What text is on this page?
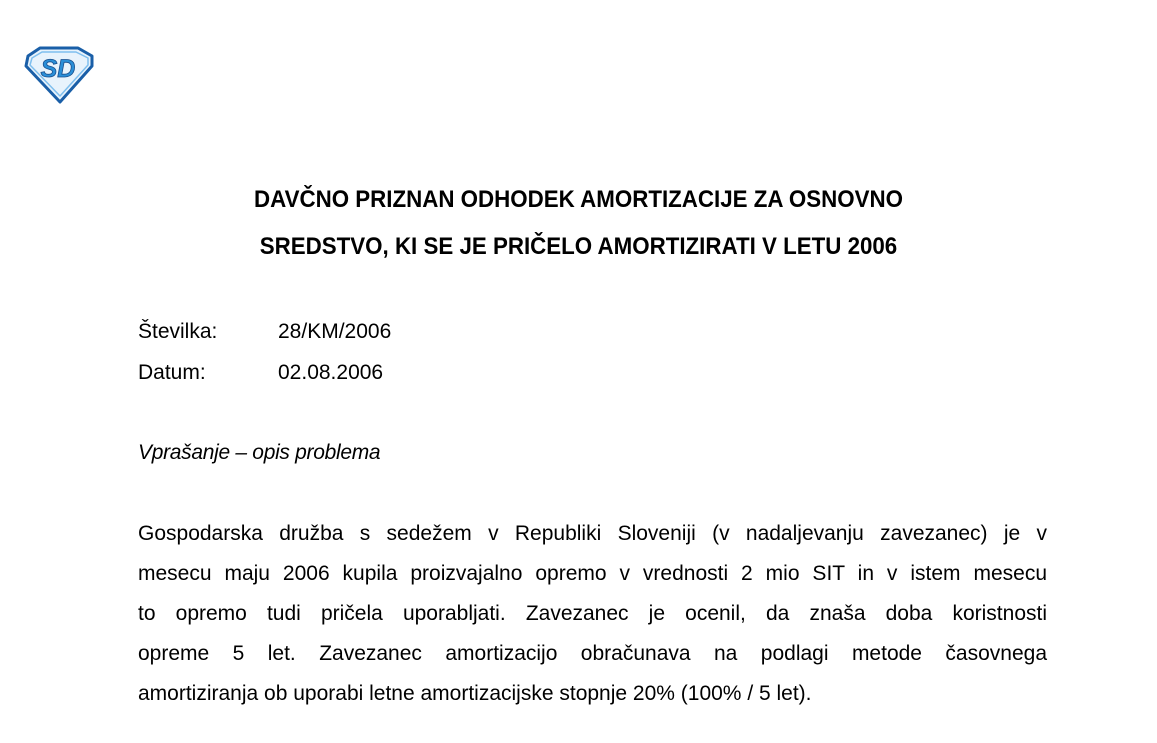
SD
DAVČNO PRIZNAN ODHODEK AMORTIZACIJE ZA OSNOVNO
SREDSTVO, KI SE JE PRIČELO AMORTIZIRATI V LETU 2006
Številka:	28/KM/2006
Datum:	02.08.2006
Vprašanje – opis problema
Gospodarska družba s sedežem v Republiki Sloveniji (v nadaljevanju zavezanec) je v
mesecu maju 2006 kupila proizvajalno opremo v vrednosti 2 mio SIT in v istem mesecu
to opremo tudi pričela uporabljati. Zavezanec je ocenil, da znaša doba koristnosti
opreme 5 let. Zavezanec amortizacijo obračunava na podlagi metode časovnega
amortiziranja ob uporabi letne amortizacijske stopnje 20% (100% / 5 let).
